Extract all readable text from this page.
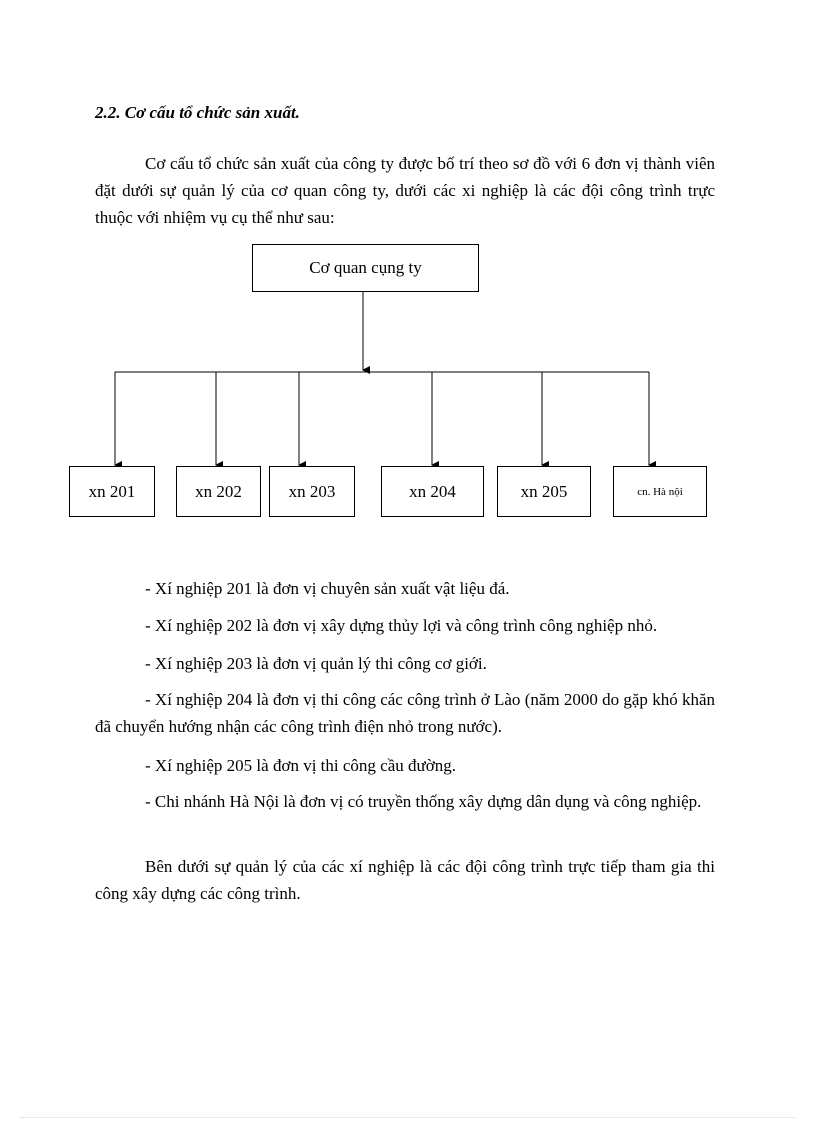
2.2. Cơ cấu tổ chức sản xuất.

Cơ cấu tổ chức sản xuất của công ty được bố trí theo sơ đồ với 6 đơn vị thành viên đặt dưới sự quản lý của cơ quan công ty, dưới các xi nghiệp là các đội công trình trực thuộc với nhiệm vụ cụ thể như sau:

Cơ quan cụng ty
xn 201	xn 202	xn 203	xn 204	xn 205	cn. Hà nội

- Xí nghiệp 201 là đơn vị chuyên sản xuất vật liệu đá.

- Xí nghiệp 202 là đơn vị xây dựng thủy lợi và công trình công nghiệp nhỏ.

- Xí nghiệp 203 là đơn vị quản lý thi công cơ giới.

- Xí nghiệp 204 là đơn vị thi công các công trình ở Lào (năm 2000 do gặp khó khăn đã chuyển hướng nhận các công trình điện nhỏ trong nước).

- Xí nghiệp 205 là đơn vị thi công cầu đường.

- Chi nhánh Hà Nội là đơn vị có truyền thống xây dựng dân dụng và công nghiệp.

Bên dưới sự quản lý của các xí nghiệp là các đội công trình trực tiếp tham gia thi công xây dựng các công trình.
